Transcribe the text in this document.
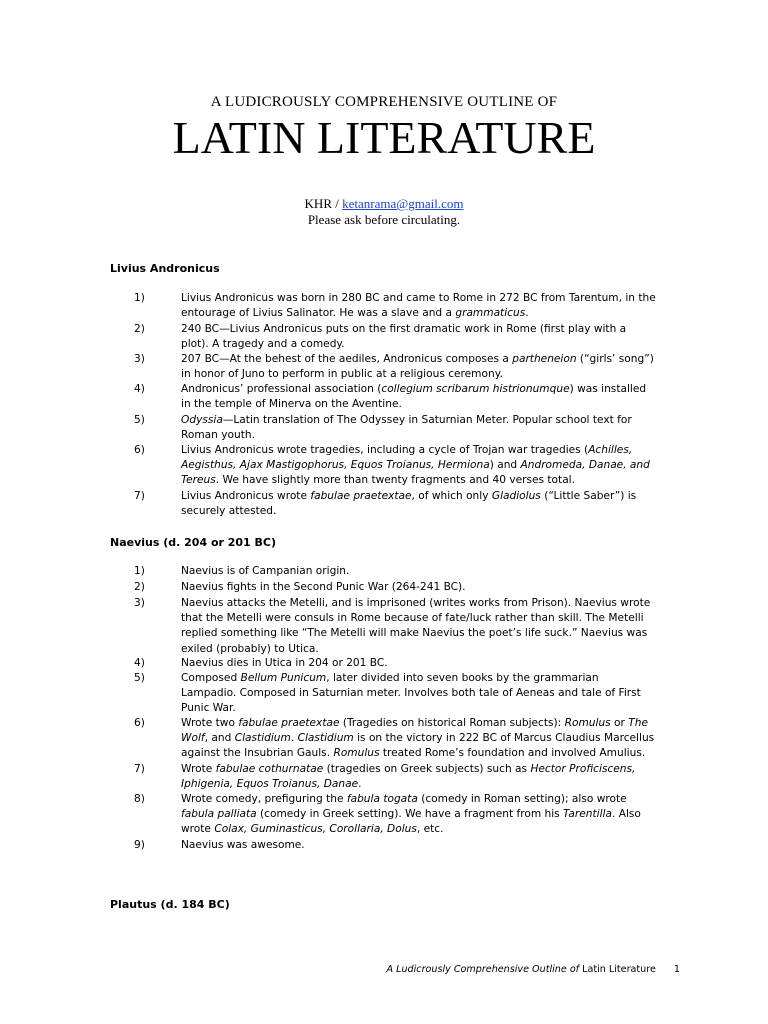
A LUDICROUSLY COMPREHENSIVE OUTLINE OF
LATIN LITERATURE
KHR / ketanrama@gmail.com
Please ask before circulating.
Livius Andronicus
1)	Livius Andronicus was born in 280 BC and came to Rome in 272 BC from Tarentum, in the entourage of Livius Salinator. He was a slave and a grammaticus.
2)	240 BC—Livius Andronicus puts on the first dramatic work in Rome (first play with a plot). A tragedy and a comedy.
3)	207 BC—At the behest of the aediles, Andronicus composes a partheneion (“girls’ song”) in honor of Juno to perform in public at a religious ceremony.
4)	Andronicus’ professional association (collegium scribarum histrionumque) was installed in the temple of Minerva on the Aventine.
5)	Odyssia—Latin translation of The Odyssey in Saturnian Meter. Popular school text for Roman youth.
6)	Livius Andronicus wrote tragedies, including a cycle of Trojan war tragedies (Achilles, Aegisthus, Ajax Mastigophorus, Equos Troianus, Hermiona) and Andromeda, Danae, and Tereus. We have slightly more than twenty fragments and 40 verses total.
7)	Livius Andronicus wrote fabulae praetextae, of which only Gladiolus (“Little Saber”) is securely attested.
Naevius (d. 204 or 201 BC)
1)	Naevius is of Campanian origin.
2)	Naevius fights in the Second Punic War (264-241 BC).
3)	Naevius attacks the Metelli, and is imprisoned (writes works from Prison). Naevius wrote that the Metelli were consuls in Rome because of fate/luck rather than skill. The Metelli replied something like “The Metelli will make Naevius the poet’s life suck.” Naevius was exiled (probably) to Utica.
4)	Naevius dies in Utica in 204 or 201 BC.
5)	Composed Bellum Punicum, later divided into seven books by the grammarian Lampadio. Composed in Saturnian meter. Involves both tale of Aeneas and tale of First Punic War.
6)	Wrote two fabulae praetextae (Tragedies on historical Roman subjects): Romulus or The Wolf, and Clastidium. Clastidium is on the victory in 222 BC of Marcus Claudius Marcellus against the Insubrian Gauls. Romulus treated Rome’s foundation and involved Amulius.
7)	Wrote fabulae cothurnatae (tragedies on Greek subjects) such as Hector Proficiscens, Iphigenia, Equos Troianus, Danae.
8)	Wrote comedy, prefiguring the fabula togata (comedy in Roman setting); also wrote fabula palliata (comedy in Greek setting). We have a fragment from his Tarentilla. Also wrote Colax, Guminasticus, Corollaria, Dolus, etc.
9)	Naevius was awesome.
Plautus (d. 184 BC)
A Ludicrously Comprehensive Outline of Latin Literature 1
